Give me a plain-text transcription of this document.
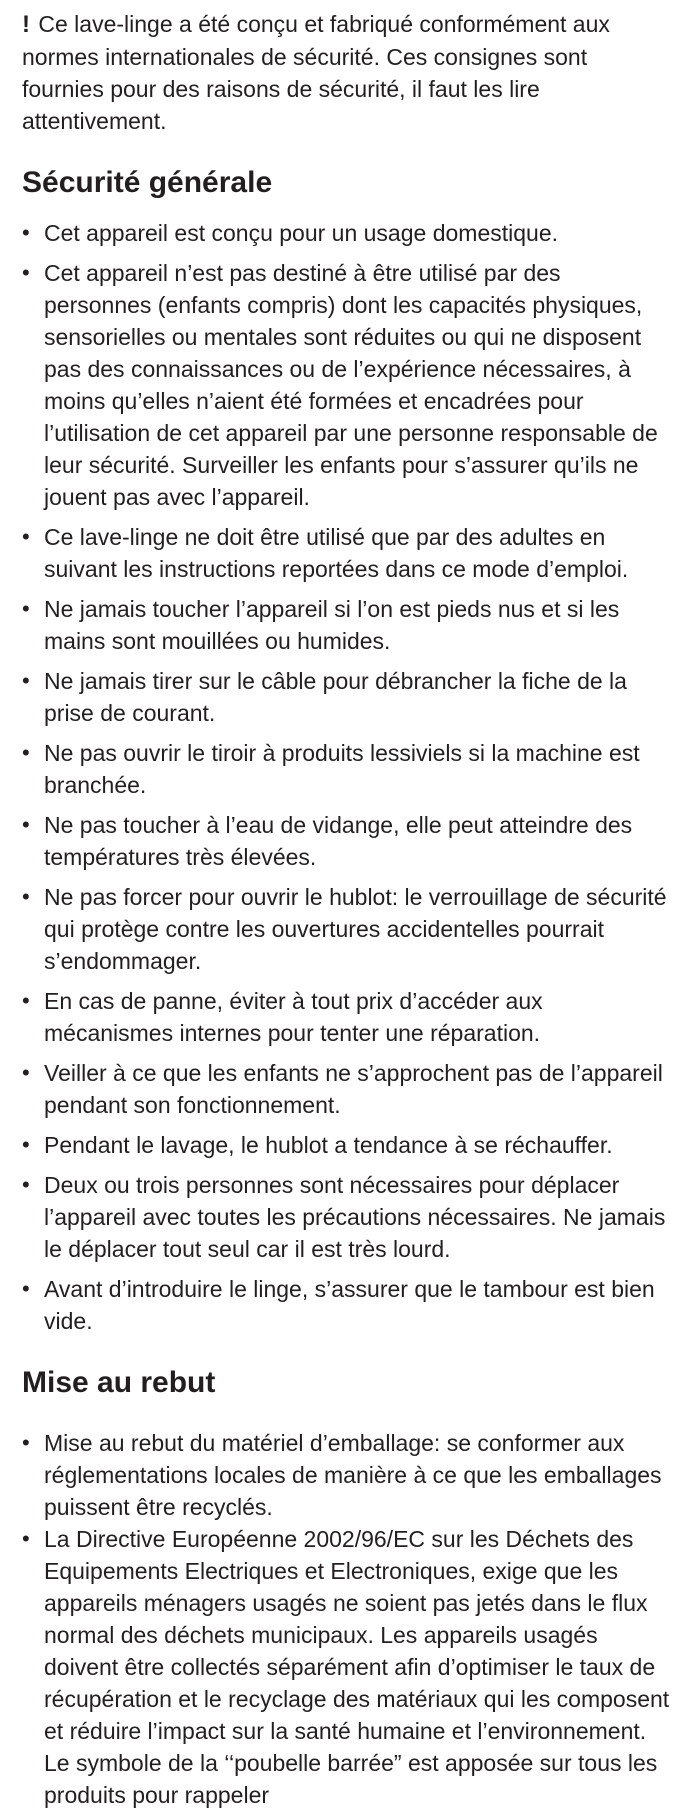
! Ce lave-linge a été conçu et fabriqué conformément aux normes internationales de sécurité. Ces consignes sont fournies pour des raisons de sécurité, il faut les lire attentivement.

Sécurité générale
• Cet appareil est conçu pour un usage domestique.
• Cet appareil n’est pas destiné à être utilisé par des personnes (enfants compris) dont les capacités physiques, sensorielles ou mentales sont réduites ou qui ne disposent pas des connaissances ou de l’expérience nécessaires, à moins qu’elles n’aient été formées et encadrées pour l’utilisation de cet appareil par une personne responsable de leur sécurité. Surveiller les enfants pour s’assurer qu’ils ne jouent pas avec l’appareil.
• Ce lave-linge ne doit être utilisé que par des adultes en suivant les instructions reportées dans ce mode d’emploi.
• Ne jamais toucher l’appareil si l’on est pieds nus et si les mains sont mouillées ou humides.
• Ne jamais tirer sur le câble pour débrancher la fiche de la prise de courant.
• Ne pas ouvrir le tiroir à produits lessiviels si la machine est branchée.
• Ne pas toucher à l’eau de vidange, elle peut atteindre des températures très élevées.
• Ne pas forcer pour ouvrir le hublot: le verrouillage de sécurité qui protège contre les ouvertures accidentelles pourrait s’endommager.
• En cas de panne, éviter à tout prix d’accéder aux mécanismes internes pour tenter une réparation.
• Veiller à ce que les enfants ne s’approchent pas de l’appareil pendant son fonctionnement.
• Pendant le lavage, le hublot a tendance à se réchauffer.
• Deux ou trois personnes sont nécessaires pour déplacer l’appareil avec toutes les précautions nécessaires. Ne jamais le déplacer tout seul car il est très lourd.
• Avant d’introduire le linge, s’assurer que le tambour est bien vide.
Mise au rebut
• Mise au rebut du matériel d’emballage: se conformer aux réglementations locales de manière à ce que les emballages puissent être recyclés.
• La Directive Européenne 2002/96/EC sur les Déchets des Equipements Electriques et Electroniques, exige que les appareils ménagers usagés ne soient pas jetés dans le flux normal des déchets municipaux. Les appareils usagés doivent être collectés séparément afin d’optimiser le taux de récupération et le recyclage des matériaux qui les composent et réduire l’impact sur la santé humaine et l’environnement. Le symbole de la ‘‘poubelle barrée” est apposée sur tous les produits pour rappeler
